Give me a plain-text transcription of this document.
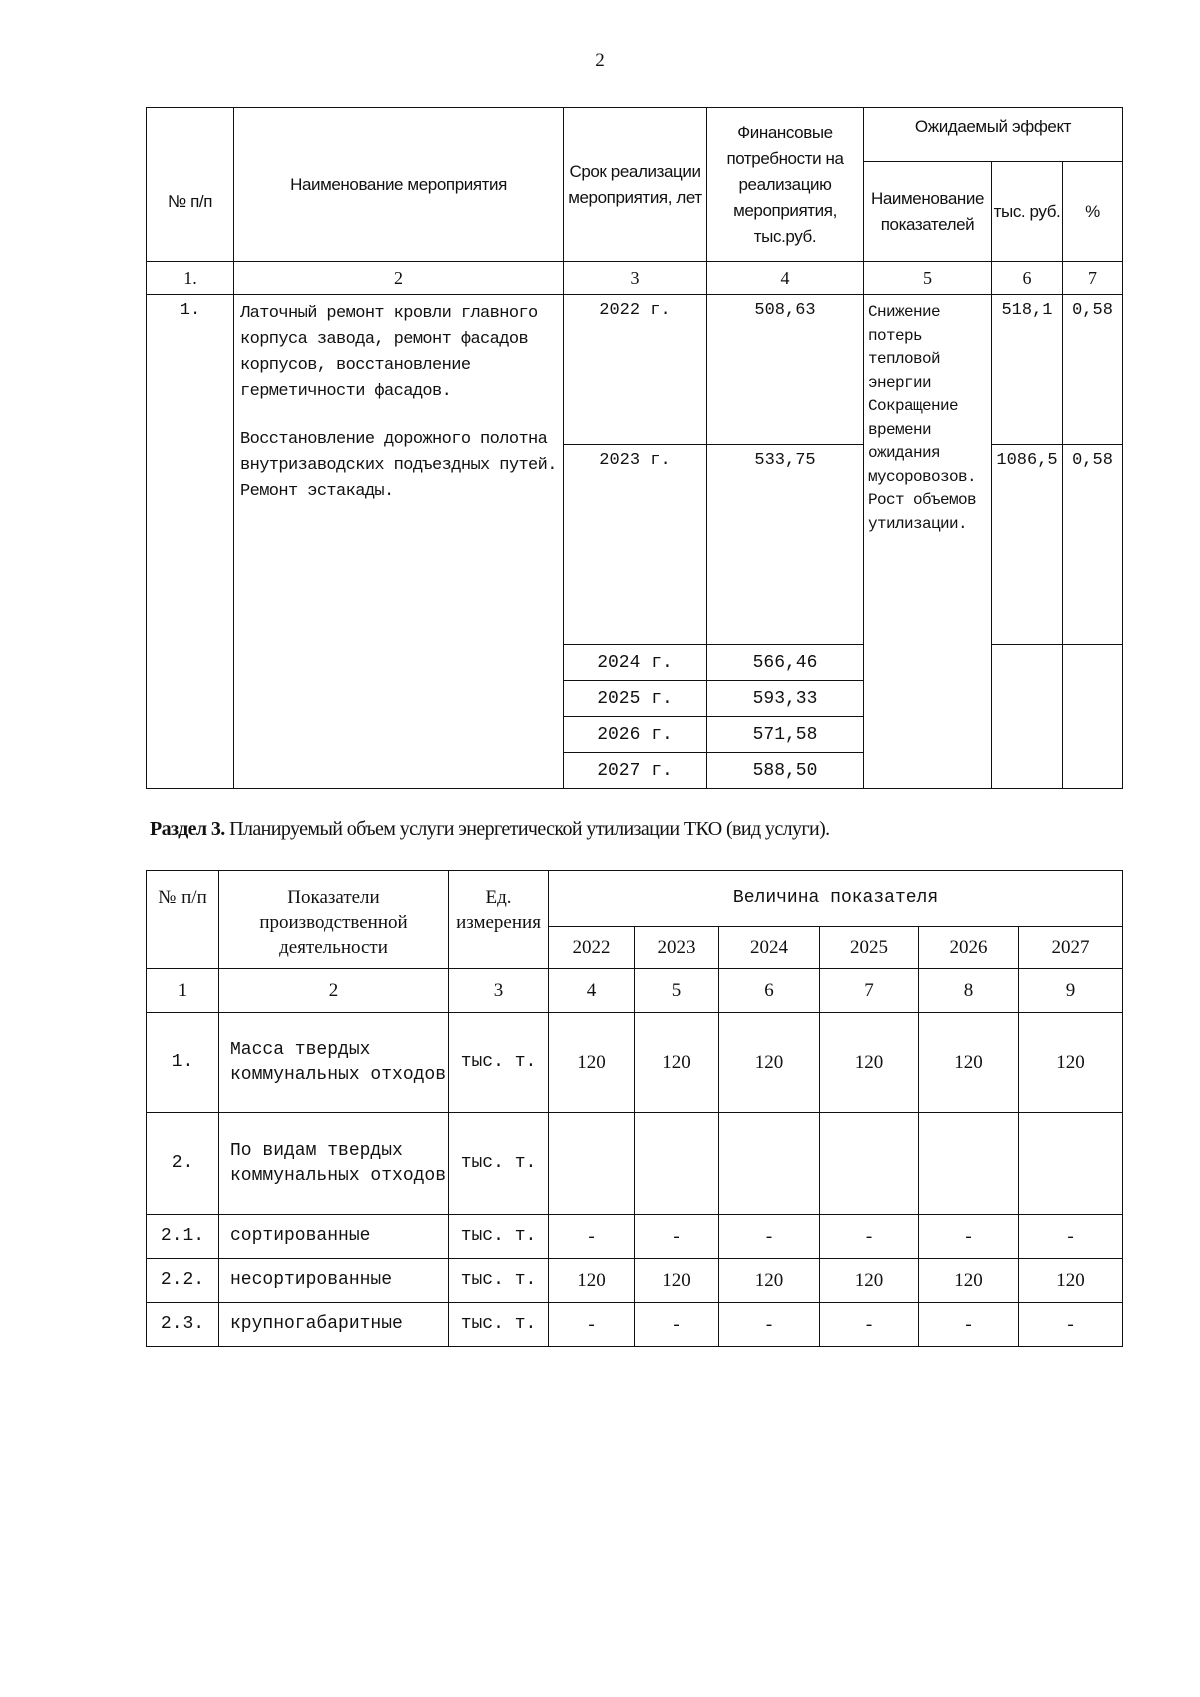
2
№ п/п	Наименование мероприятия	Срок реализации мероприятия, лет	Финансовые потребности на реализацию мероприятия, тыс.руб.	Ожидаемый эффект		
				Наименование показателей	тыс. руб.	%
1.	2	3	4	5	6	7
1.	Латочный ремонт кровли главного корпуса завода, ремонт фасадов корпусов, восстановление герметичности фасадов.

Восстановление дорожного полотна внутризаводских подъездных путей.
Ремонт эстакады.	2022 г.	508,63	Снижение потерь тепловой энергии Сокращение времени ожидания мусоровозов. Рост объемов утилизации.	518,1	0,58
		2023 г.	533,75		1086,5	0,58
		2024 г.	566,46			
		2025 г.	593,33			
		2026 г.	571,58			
		2027 г.	588,50			
Раздел 3. Планируемый объем услуги энергетической утилизации ТКО (вид услуги).
№ п/п	Показатели производственной деятельности	Ед. измерения	Величина показателя					
			2022	2023	2024	2025	2026	2027
1	2	3	4	5	6	7	8	9
1.	Масса твердых коммунальных отходов	тыс. т.	120	120	120	120	120	120
2.	По видам твердых коммунальных отходов	тыс. т.						
2.1.	сортированные	тыс. т.	-	-	-	-	-	-
2.2.	несортированные	тыс. т.	120	120	120	120	120	120
2.3.	крупногабаритные	тыс. т.	-	-	-	-	-	-
